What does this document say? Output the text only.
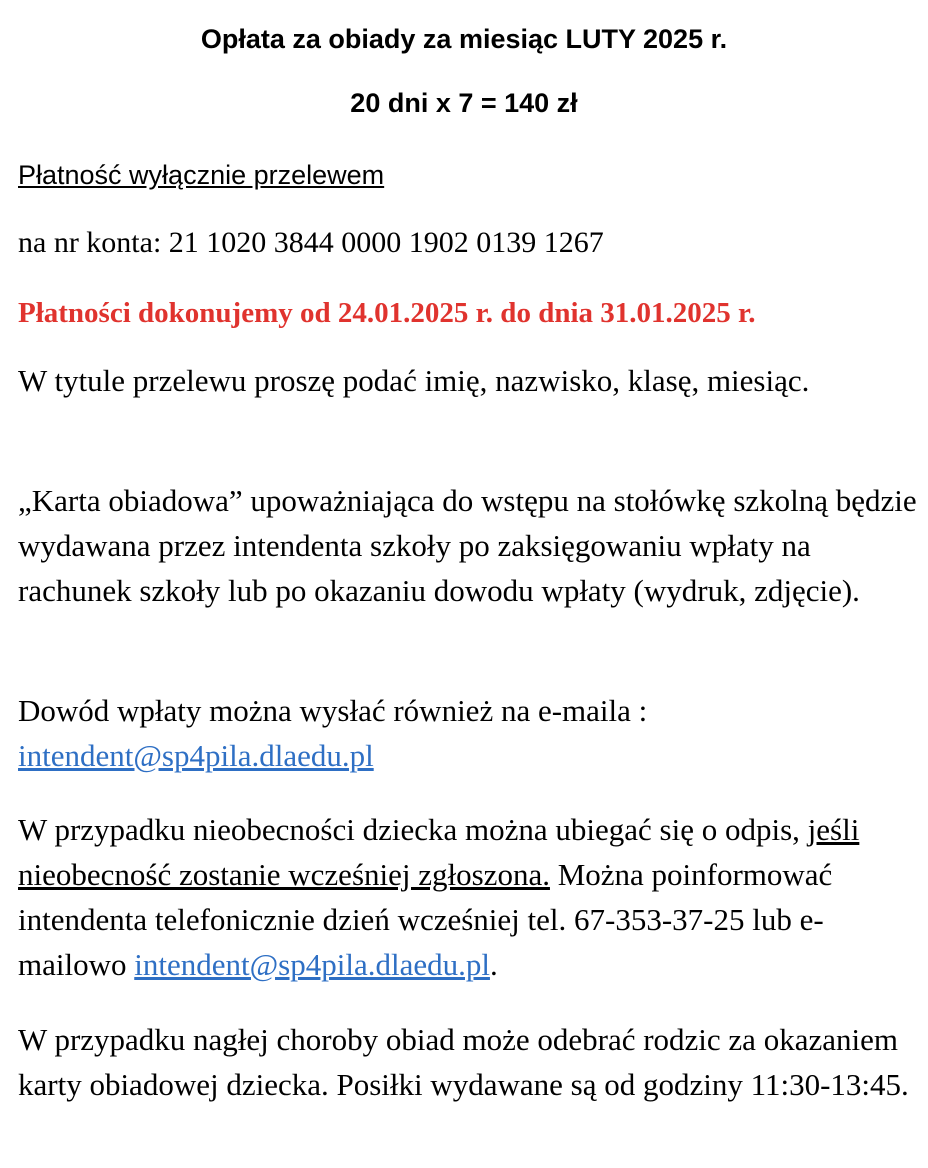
Opłata za obiady za miesiąc LUTY 2025 r.
20 dni x 7 = 140 zł

Płatność wyłącznie przelewem

na nr konta: 21 1020 3844 0000 1902 0139 1267

Płatności dokonujemy od 24.01.2025 r. do dnia 31.01.2025 r.

W tytule przelewu proszę podać imię, nazwisko, klasę, miesiąc.

„Karta obiadowa” upoważniająca do wstępu na stołówkę szkolną będzie wydawana przez intendenta szkoły po zaksięgowaniu wpłaty na rachunek szkoły lub po okazaniu dowodu wpłaty (wydruk, zdjęcie).

Dowód wpłaty można wysłać również na e-maila :
intendent@sp4pila.dlaedu.pl

W przypadku nieobecności dziecka można ubiegać się o odpis, jeśli nieobecność zostanie wcześniej zgłoszona. Można poinformować intendenta telefonicznie dzień wcześniej tel. 67-353-37-25 lub e-mailowo intendent@sp4pila.dlaedu.pl.

W przypadku nagłej choroby obiad może odebrać rodzic za okazaniem karty obiadowej dziecka. Posiłki wydawane są od godziny 11:30-13:45.
